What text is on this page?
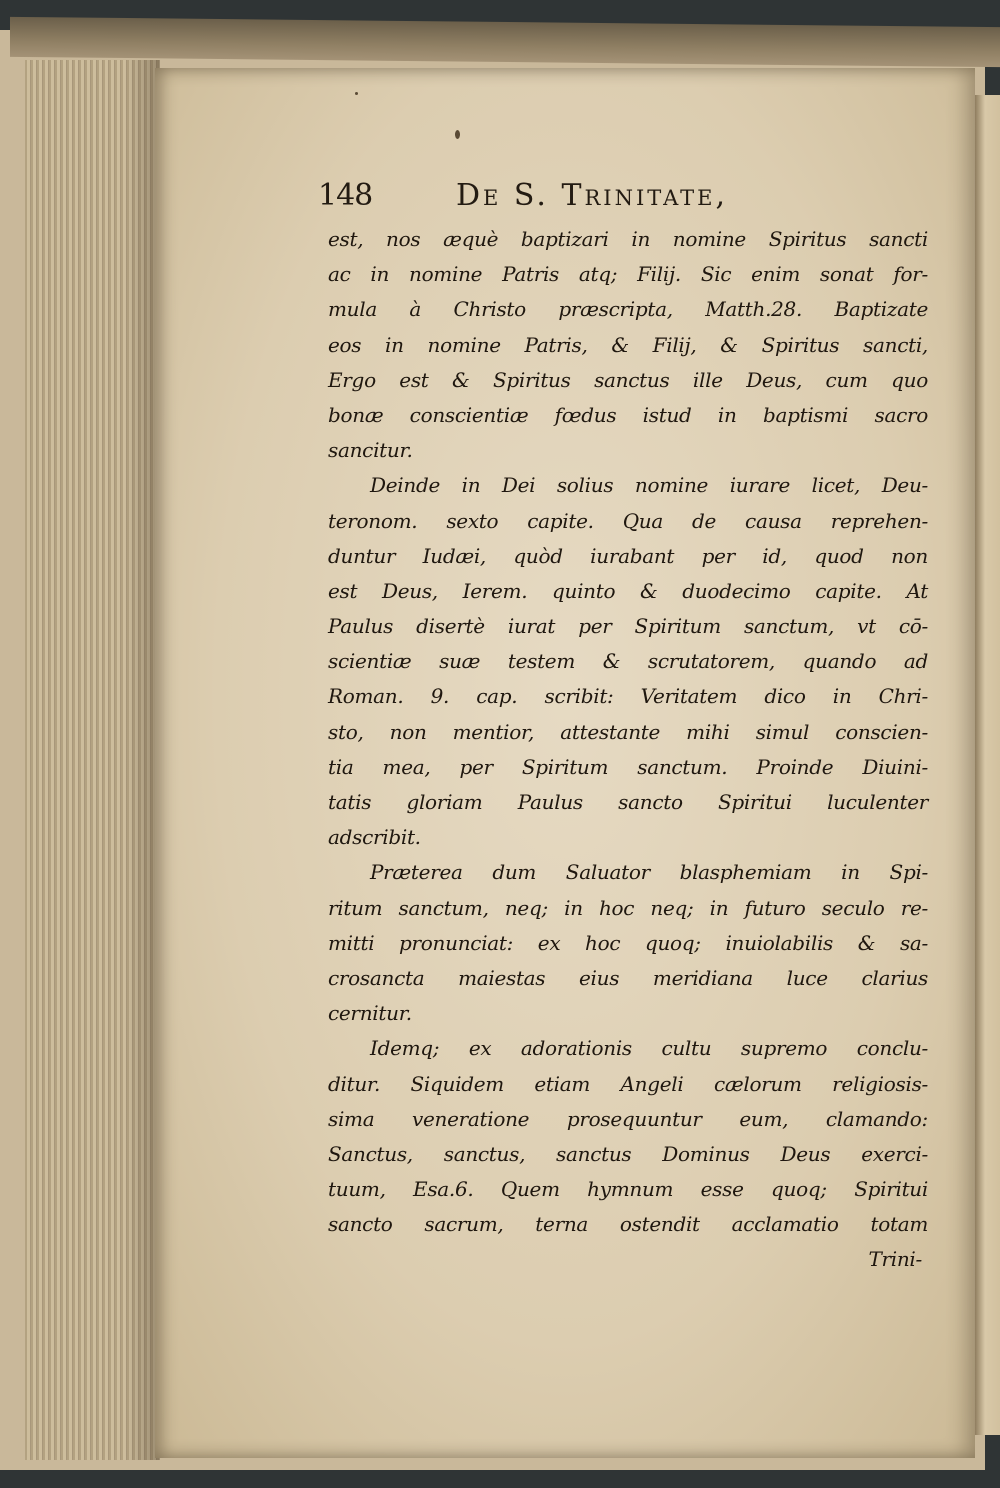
148	De S. Trinitate,
est, nos æquè baptizari in nomine Spiritus sancti
ac in nomine Patris atq; Filij. Sic enim sonat for-
mula à Christo præscripta, Matth.28. Baptizate
eos in nomine Patris, & Filij, & Spiritus sancti,
Ergo est & Spiritus sanctus ille Deus, cum quo
bonæ conscientiæ fœdus istud in baptismi sacro
sancitur.
Deinde in Dei solius nomine iurare licet, Deu-
teronom. sexto capite. Qua de causa reprehen-
duntur Iudæi, quòd iurabant per id, quod non
est Deus, Ierem. quinto & duodecimo capite. At
Paulus disertè iurat per Spiritum sanctum, vt cō-
scientiæ suæ testem & scrutatorem, quando ad
Roman. 9. cap. scribit: Veritatem dico in Chri-
sto, non mentior, attestante mihi simul conscien-
tia mea, per Spiritum sanctum. Proinde Diuini-
tatis gloriam Paulus sancto Spiritui luculenter
adscribit.
Præterea dum Saluator blasphemiam in Spi-
ritum sanctum, neq; in hoc neq; in futuro seculo re-
mitti pronunciat: ex hoc quoq; inuiolabilis & sa-
crosancta maiestas eius meridiana luce clarius
cernitur.
Idemq; ex adorationis cultu supremo conclu-
ditur. Siquidem etiam Angeli cælorum religiosis-
sima veneratione prosequuntur eum, clamando:
Sanctus, sanctus, sanctus Dominus Deus exerci-
tuum, Esa.6. Quem hymnum esse quoq; Spiritui
sancto sacrum, terna ostendit acclamatio totam
Trini-
